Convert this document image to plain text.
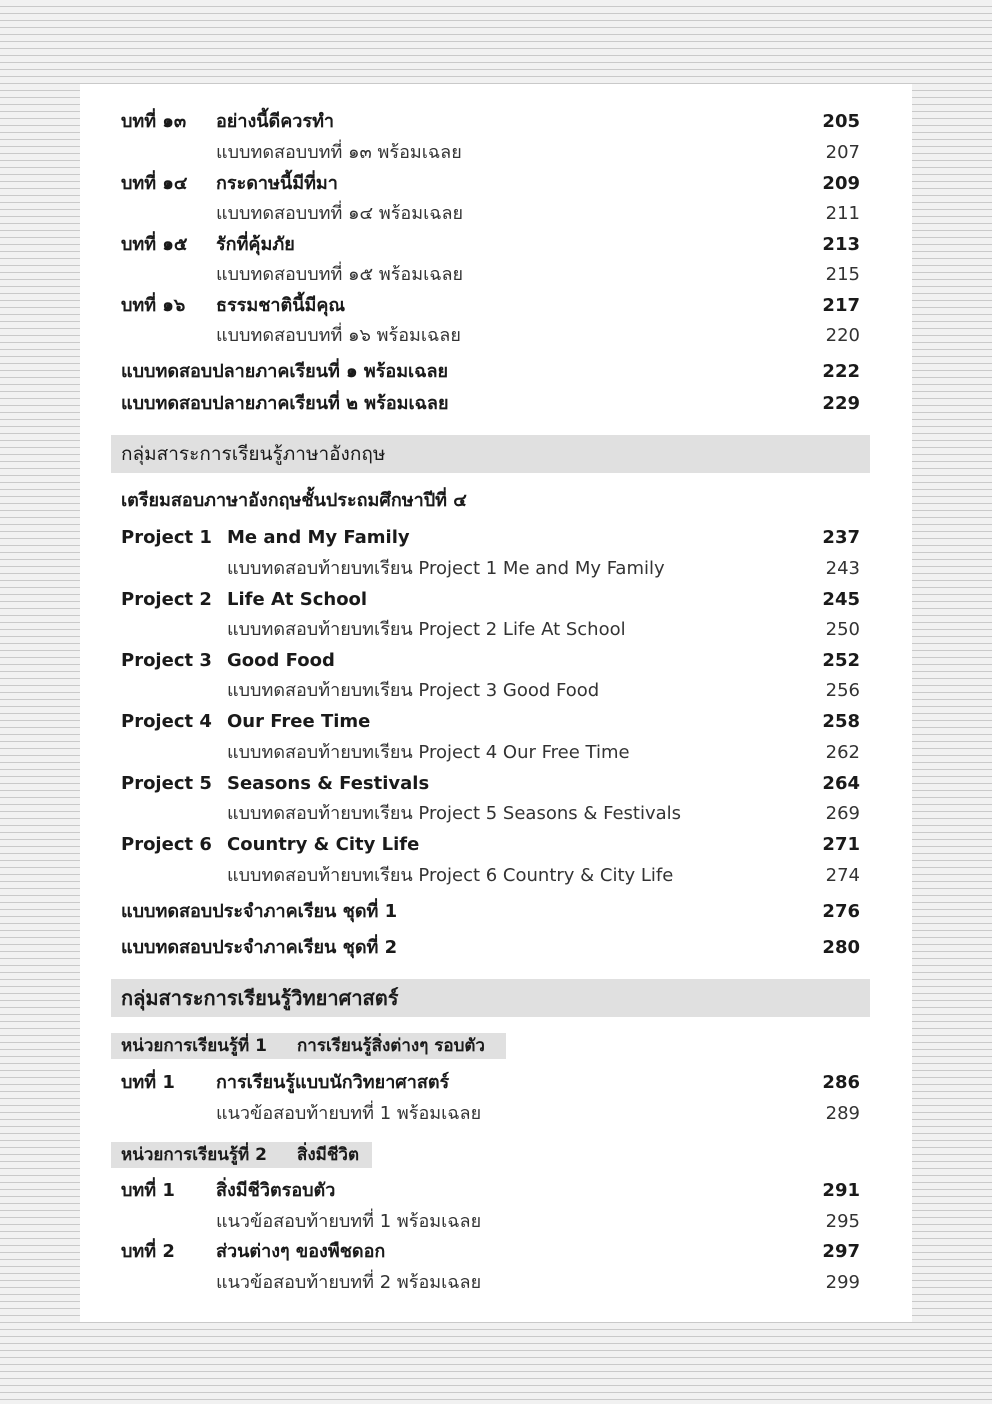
บทที่ ๑๓ อย่างนี้ดีควรทำ	205
แบบทดสอบบทที่ ๑๓ พร้อมเฉลย	207
บทที่ ๑๔ กระดาษนี้มีที่มา	209
แบบทดสอบบทที่ ๑๔ พร้อมเฉลย	211
บทที่ ๑๕ รักที่คุ้มภัย	213
แบบทดสอบบทที่ ๑๕ พร้อมเฉลย	215
บทที่ ๑๖ ธรรมชาตินี้มีคุณ	217
แบบทดสอบบทที่ ๑๖ พร้อมเฉลย	220
แบบทดสอบปลายภาคเรียนที่ ๑ พร้อมเฉลย	222
แบบทดสอบปลายภาคเรียนที่ ๒ พร้อมเฉลย	229
กลุ่มสาระการเรียนรู้ภาษาอังกฤษ
เตรียมสอบภาษาอังกฤษชั้นประถมศึกษาปีที่ ๔
Project 1 Me and My Family	237
แบบทดสอบท้ายบทเรียน Project 1 Me and My Family	243
Project 2 Life At School	245
แบบทดสอบท้ายบทเรียน Project 2 Life At School	250
Project 3 Good Food	252
แบบทดสอบท้ายบทเรียน Project 3 Good Food	256
Project 4 Our Free Time	258
แบบทดสอบท้ายบทเรียน Project 4 Our Free Time	262
Project 5 Seasons & Festivals	264
แบบทดสอบท้ายบทเรียน Project 5 Seasons & Festivals	269
Project 6 Country & City Life	271
แบบทดสอบท้ายบทเรียน Project 6 Country & City Life	274
แบบทดสอบประจำภาคเรียน ชุดที่ 1	276
แบบทดสอบประจำภาคเรียน ชุดที่ 2	280
กลุ่มสาระการเรียนรู้วิทยาศาสตร์
หน่วยการเรียนรู้ที่ 1 การเรียนรู้สิ่งต่างๆ รอบตัว
บทที่ 1 การเรียนรู้แบบนักวิทยาศาสตร์	286
แนวข้อสอบท้ายบทที่ 1 พร้อมเฉลย	289
หน่วยการเรียนรู้ที่ 2 สิ่งมีชีวิต
บทที่ 1 สิ่งมีชีวิตรอบตัว	291
แนวข้อสอบท้ายบทที่ 1 พร้อมเฉลย	295
บทที่ 2 ส่วนต่างๆ ของพืชดอก	297
แนวข้อสอบท้ายบทที่ 2 พร้อมเฉลย	299
